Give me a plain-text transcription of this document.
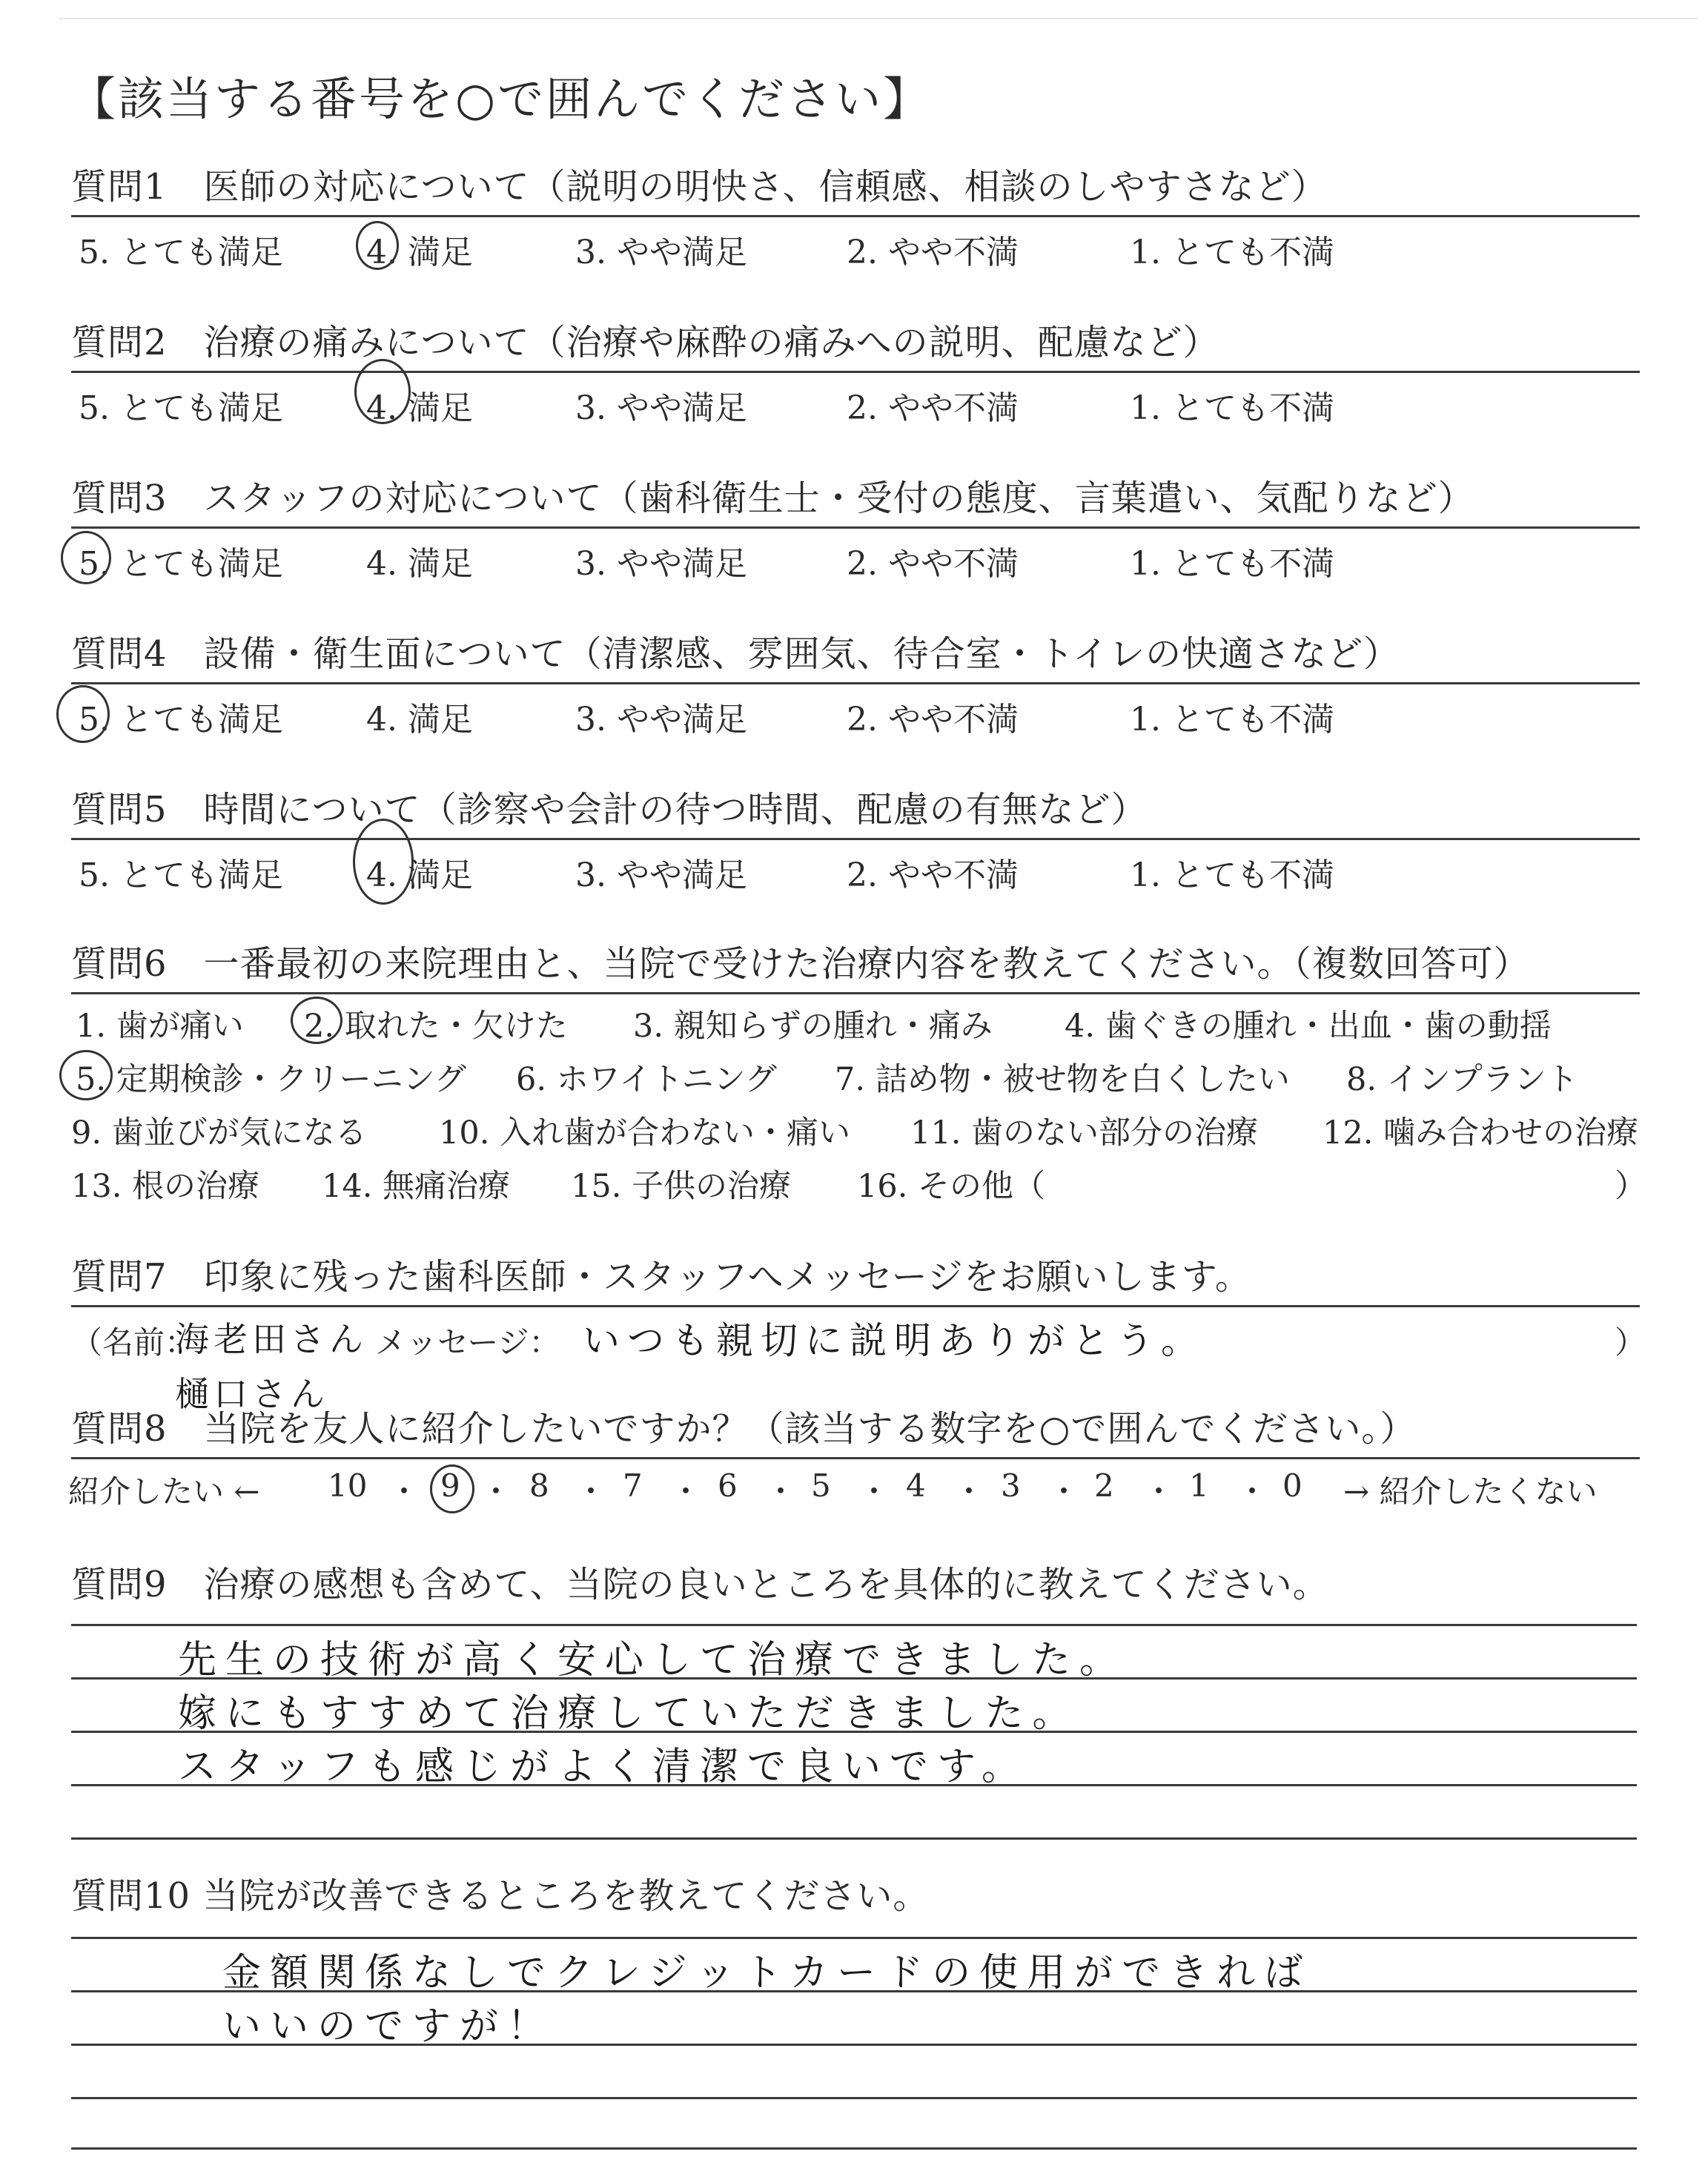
【該当する番号を○で囲んでください】
質問1　医師の対応について（説明の明快さ、信頼感、相談のしやすさなど）
5. とても満足	4. 満足	3. やや満足	2. やや不満	1. とても不満
質問2　治療の痛みについて（治療や麻酔の痛みへの説明、配慮など）
5. とても満足	4. 満足	3. やや満足	2. やや不満	1. とても不満
質問3　スタッフの対応について（歯科衛生士・受付の態度、言葉遣い、気配りなど）
5. とても満足	4. 満足	3. やや満足	2. やや不満	1. とても不満
質問4　設備・衛生面について（清潔感、雰囲気、待合室・トイレの快適さなど）
5. とても満足	4. 満足	3. やや満足	2. やや不満	1. とても不満
質問5　時間について（診察や会計の待つ時間、配慮の有無など）
5. とても満足	4. 満足	3. やや満足	2. やや不満	1. とても不満
質問6　一番最初の来院理由と、当院で受けた治療内容を教えてください。（複数回答可）
1. 歯が痛い 2. 取れた・欠けた 3. 親知らずの腫れ・痛み 4. 歯ぐきの腫れ・出血・歯の動揺
5. 定期検診・クリーニング 6. ホワイトニング 7. 詰め物・被せ物を白くしたい 8. インプラント
9. 歯並びが気になる 10. 入れ歯が合わない・痛い 11. 歯のない部分の治療 12. 噛み合わせの治療
13. 根の治療 14. 無痛治療 15. 子供の治療 16. その他（	）
質問7　印象に残った歯科医師・スタッフへメッセージをお願いします。
（名前：
海老田さん
樋口さん
メッセージ： いつも親切に説明ありがとう。	）
質問8　当院を友人に紹介したいですか？（該当する数字を○で囲んでください。）
紹介したい ← 10 ・ 9 ・ 8 ・ 7 ・ 6 ・ 5 ・ 4 ・ 3 ・ 2 ・ 1 ・ 0 → 紹介したくない
質問9　治療の感想も含めて、当院の良いところを具体的に教えてください。
先生の技術が高く安心して治療できました。
嫁にもすすめて治療していただきました。
スタッフも感じがよく清潔で良いです。
質問10 当院が改善できるところを教えてください。
金額関係なしでクレジットカードの使用ができれば
いいのですが！
